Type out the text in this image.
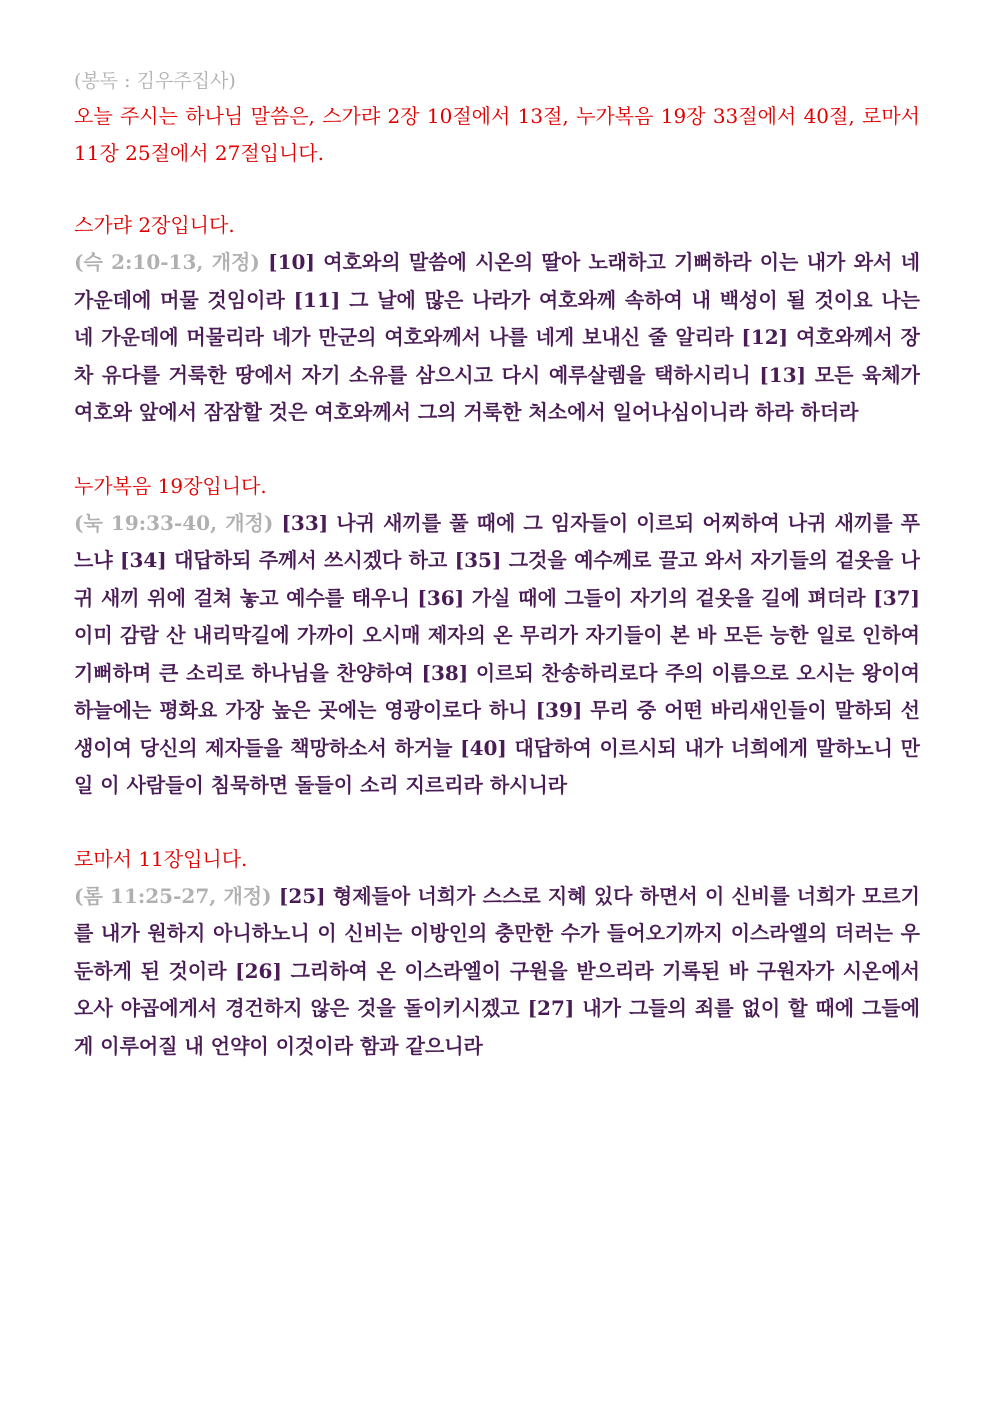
(봉독 : 김우주집사)
오늘 주시는 하나님 말씀은, 스가랴 2장 10절에서 13절, 누가복음 19장 33절에서 40절, 로마서 11장 25절에서 27절입니다.
스가랴 2장입니다.
(슥 2:10-13, 개정) [10] 여호와의 말씀에 시온의 딸아 노래하고 기뻐하라 이는 내가 와서 네 가운데에 머물 것임이라 [11] 그 날에 많은 나라가 여호와께 속하여 내 백성이 될 것이요 나는 네 가운데에 머물리라 네가 만군의 여호와께서 나를 네게 보내신 줄 알리라 [12] 여호와께서 장차 유다를 거룩한 땅에서 자기 소유를 삼으시고 다시 예루살렘을 택하시리니 [13] 모든 육체가 여호와 앞에서 잠잠할 것은 여호와께서 그의 거룩한 처소에서 일어나심이니라 하라 하더라
누가복음 19장입니다.
(눅 19:33-40, 개정) [33] 나귀 새끼를 풀 때에 그 임자들이 이르되 어찌하여 나귀 새끼를 푸느냐 [34] 대답하되 주께서 쓰시겠다 하고 [35] 그것을 예수께로 끌고 와서 자기들의 겉옷을 나귀 새끼 위에 걸쳐 놓고 예수를 태우니 [36] 가실 때에 그들이 자기의 겉옷을 길에 펴더라 [37] 이미 감람 산 내리막길에 가까이 오시매 제자의 온 무리가 자기들이 본 바 모든 능한 일로 인하여 기뻐하며 큰 소리로 하나님을 찬양하여 [38] 이르되 찬송하리로다 주의 이름으로 오시는 왕이여 하늘에는 평화요 가장 높은 곳에는 영광이로다 하니 [39] 무리 중 어떤 바리새인들이 말하되 선생이여 당신의 제자들을 책망하소서 하거늘 [40] 대답하여 이르시되 내가 너희에게 말하노니 만일 이 사람들이 침묵하면 돌들이 소리 지르리라 하시니라
로마서 11장입니다.
(롬 11:25-27, 개정) [25] 형제들아 너희가 스스로 지혜 있다 하면서 이 신비를 너희가 모르기를 내가 원하지 아니하노니 이 신비는 이방인의 충만한 수가 들어오기까지 이스라엘의 더러는 우둔하게 된 것이라 [26] 그리하여 온 이스라엘이 구원을 받으리라 기록된 바 구원자가 시온에서 오사 야곱에게서 경건하지 않은 것을 돌이키시겠고 [27] 내가 그들의 죄를 없이 할 때에 그들에게 이루어질 내 언약이 이것이라 함과 같으니라
